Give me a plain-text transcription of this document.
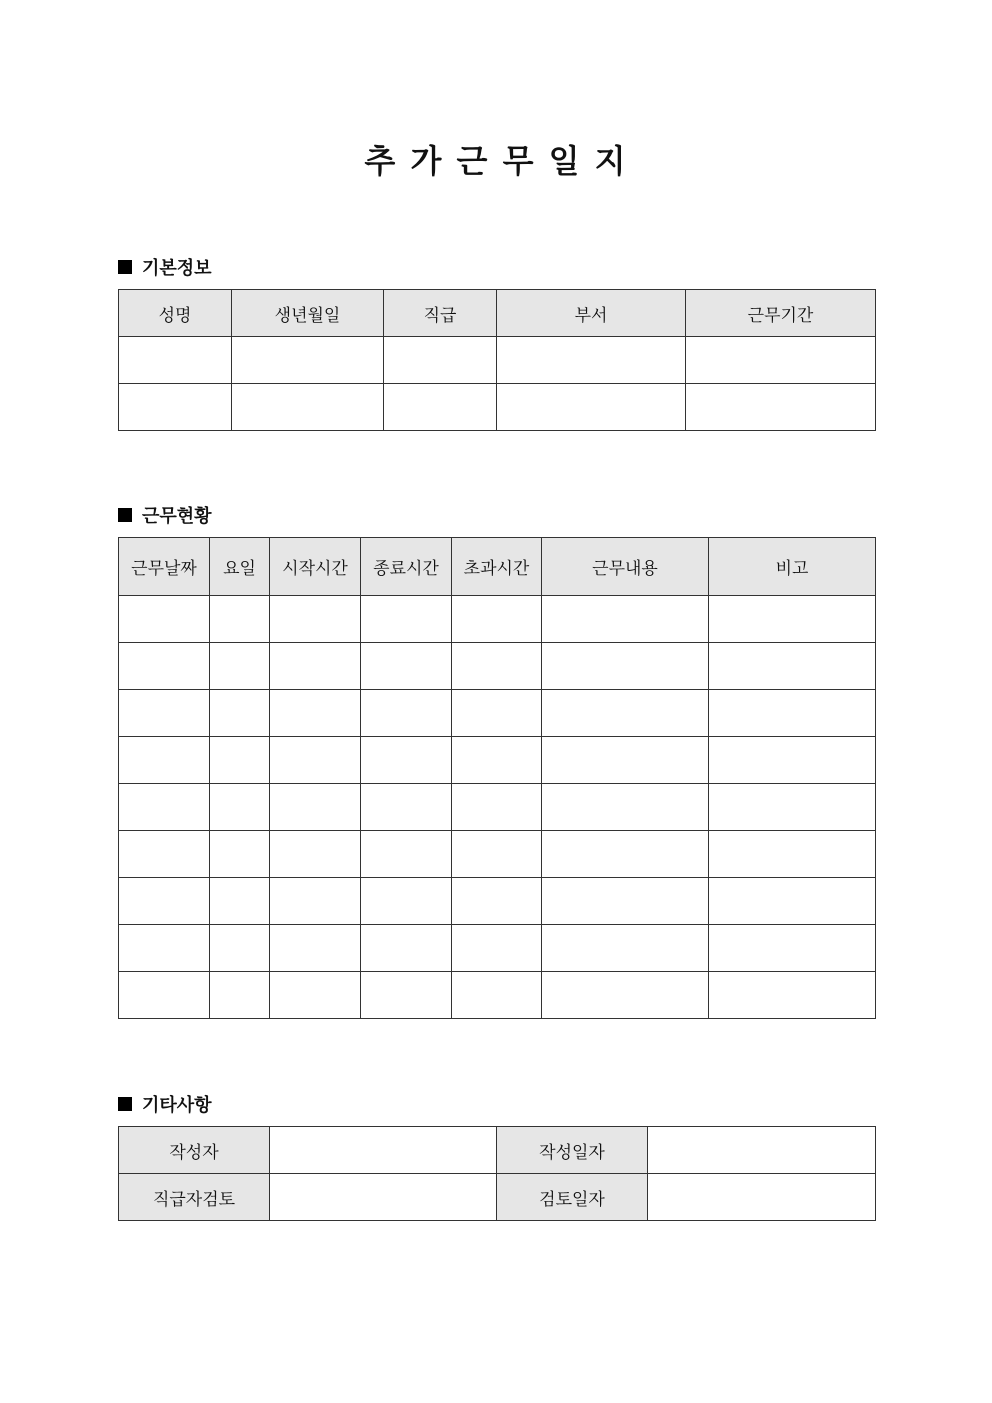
추 가 근 무 일 지
기본정보
성명	생년월일	직급	부서	근무기간

근무현황
근무날짜	요일	시작시간	종료시간	초과시간	근무내용	비고

기타사항
작성자		작성일자	
직급자검토		검토일자	
